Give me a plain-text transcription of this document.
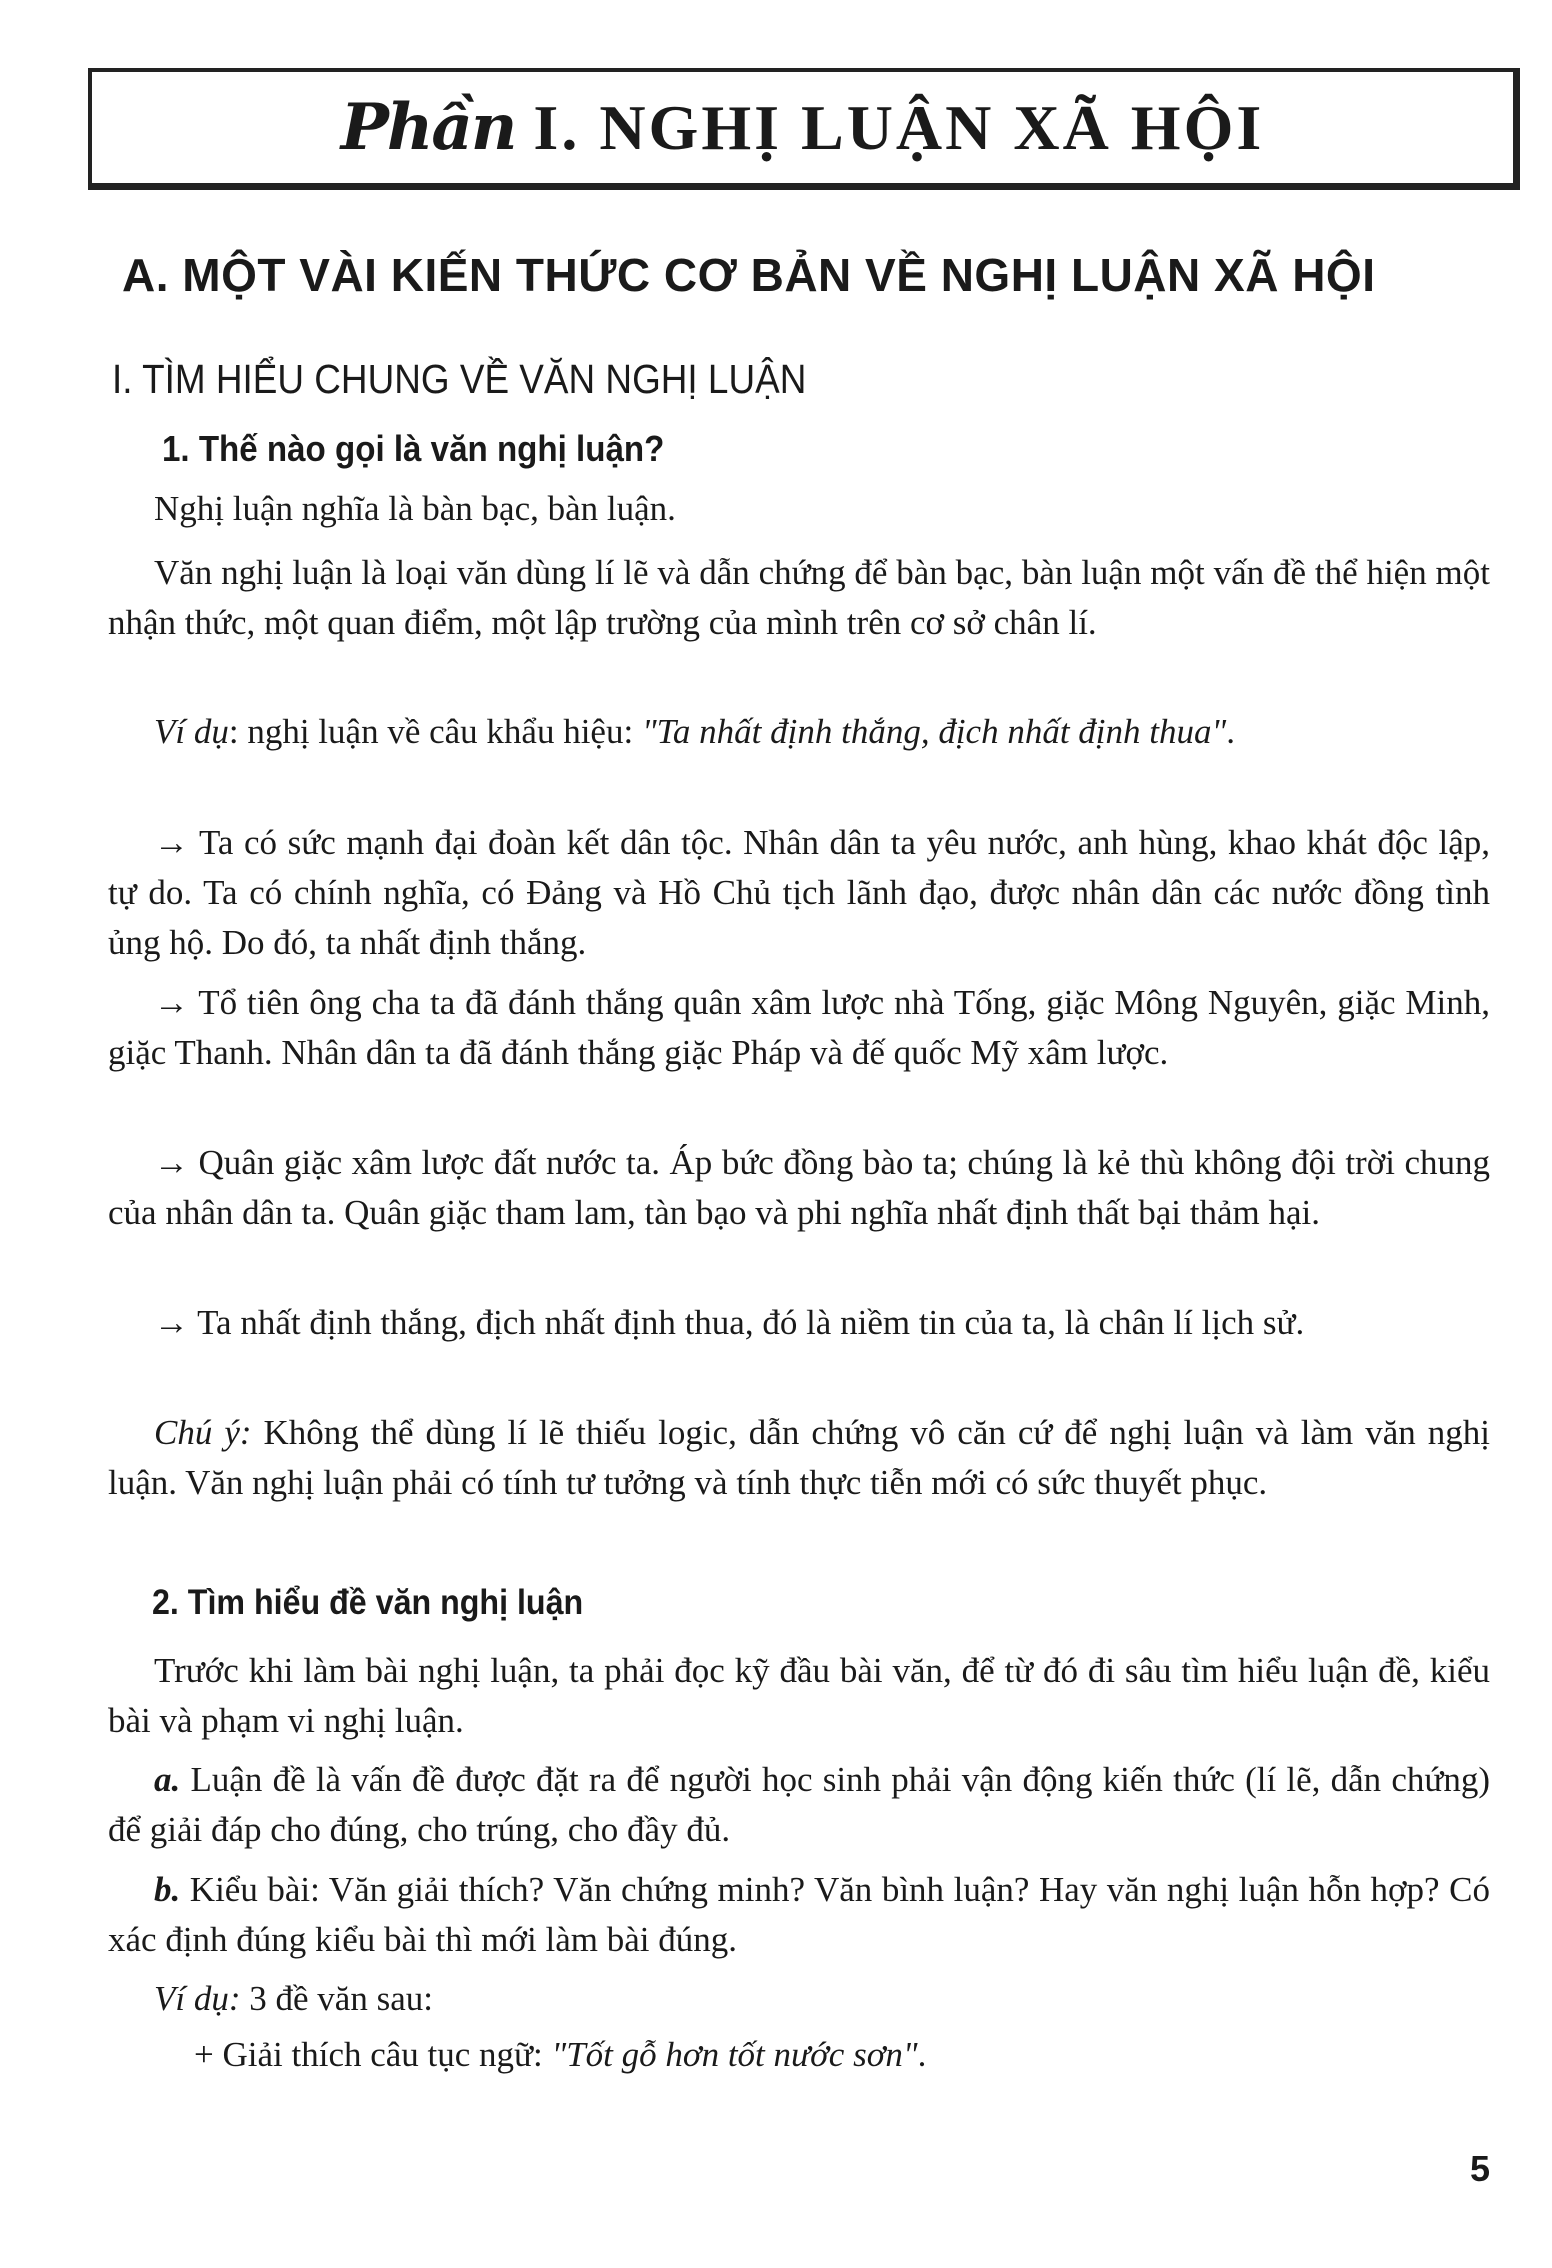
Phần I. NGHỊ LUẬN XÃ HỘI
A. MỘT VÀI KIẾN THỨC CƠ BẢN VỀ NGHỊ LUẬN XÃ HỘI
I. TÌM HIỂU CHUNG VỀ VĂN NGHỊ LUẬN
1. Thế nào gọi là văn nghị luận?

Nghị luận nghĩa là bàn bạc, bàn luận.

Văn nghị luận là loại văn dùng lí lẽ và dẫn chứng để bàn bạc, bàn luận một vấn đề thể hiện một nhận thức, một quan điểm, một lập trường của mình trên cơ sở chân lí.

Ví dụ: nghị luận về câu khẩu hiệu: "Ta nhất định thắng, địch nhất định thua".

→ Ta có sức mạnh đại đoàn kết dân tộc. Nhân dân ta yêu nước, anh hùng, khao khát độc lập, tự do. Ta có chính nghĩa, có Đảng và Hồ Chủ tịch lãnh đạo, được nhân dân các nước đồng tình ủng hộ. Do đó, ta nhất định thắng.

→ Tổ tiên ông cha ta đã đánh thắng quân xâm lược nhà Tống, giặc Mông Nguyên, giặc Minh, giặc Thanh. Nhân dân ta đã đánh thắng giặc Pháp và đế quốc Mỹ xâm lược.

→ Quân giặc xâm lược đất nước ta. Áp bức đồng bào ta; chúng là kẻ thù không đội trời chung của nhân dân ta. Quân giặc tham lam, tàn bạo và phi nghĩa nhất định thất bại thảm hại.

→ Ta nhất định thắng, địch nhất định thua, đó là niềm tin của ta, là chân lí lịch sử.

Chú ý: Không thể dùng lí lẽ thiếu logic, dẫn chứng vô căn cứ để nghị luận và làm văn nghị luận. Văn nghị luận phải có tính tư tưởng và tính thực tiễn mới có sức thuyết phục.

2. Tìm hiểu đề văn nghị luận

Trước khi làm bài nghị luận, ta phải đọc kỹ đầu bài văn, để từ đó đi sâu tìm hiểu luận đề, kiểu bài và phạm vi nghị luận.

a. Luận đề là vấn đề được đặt ra để người học sinh phải vận động kiến thức (lí lẽ, dẫn chứng) để giải đáp cho đúng, cho trúng, cho đầy đủ.

b. Kiểu bài: Văn giải thích? Văn chứng minh? Văn bình luận? Hay văn nghị luận hỗn hợp? Có xác định đúng kiểu bài thì mới làm bài đúng.

Ví dụ: 3 đề văn sau:

+ Giải thích câu tục ngữ: "Tốt gỗ hơn tốt nước sơn".

5
